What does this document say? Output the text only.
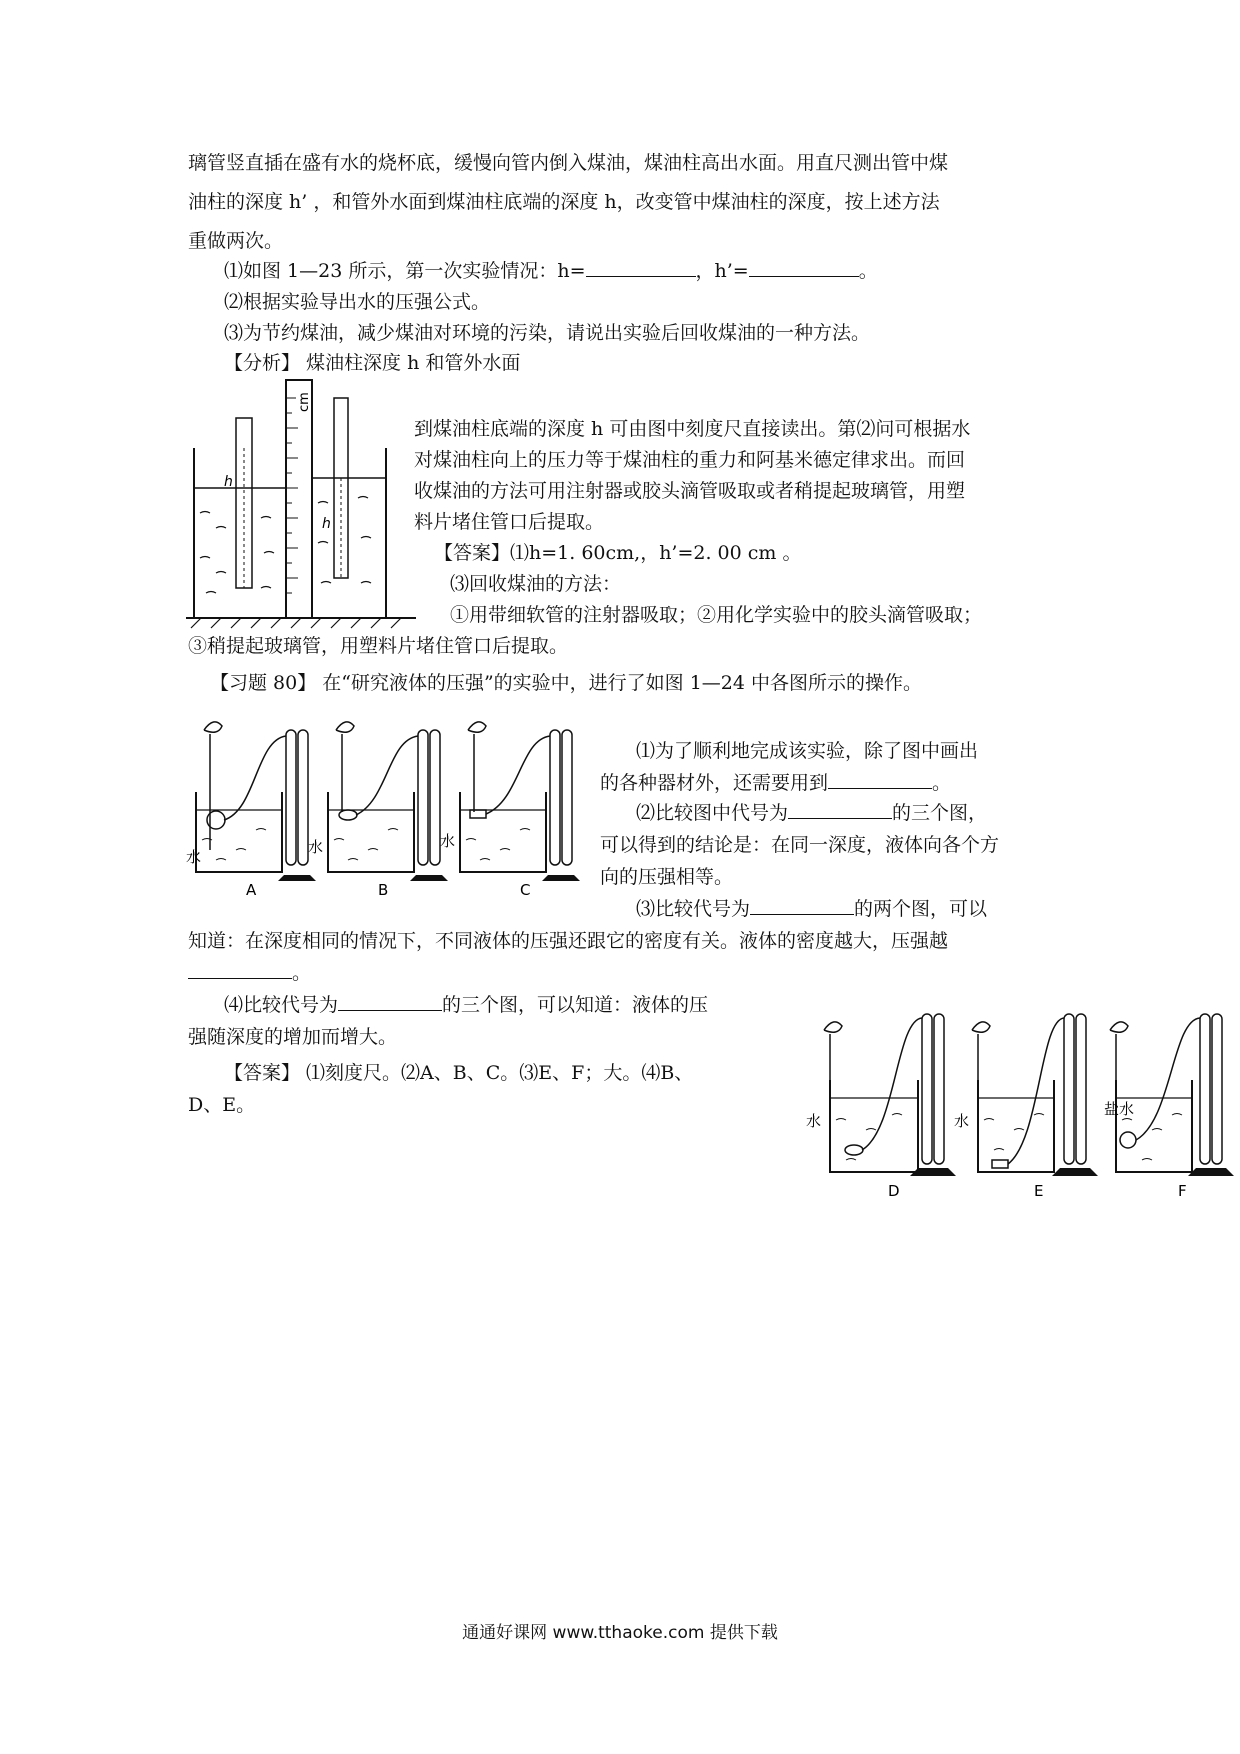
璃管竖直插在盛有水的烧杯底，缓慢向管内倒入煤油，煤油柱高出水面。用直尺测出管中煤
油柱的深度 h’ ，和管外水面到煤油柱底端的深度 h，改变管中煤油柱的深度，按上述方法
重做两次。
⑴如图 1—23 所示，第一次实验情况：h=	，h’=	。
⑵根据实验导出水的压强公式。
⑶为节约煤油，减少煤油对环境的污染，请说出实验后回收煤油的一种方法。
【分析】 煤油柱深度 h 和管外水面
h
cm
h
到煤油柱底端的深度 h 可由图中刻度尺直接读出。第⑵问可根据水
对煤油柱向上的压力等于煤油柱的重力和阿基米德定律求出。而回
收煤油的方法可用注射器或胶头滴管吸取或者稍提起玻璃管，用塑
料片堵住管口后提取。
【答案】⑴h=1. 60cm,，h’=2. 00 cm 。
⑶回收煤油的方法：
①用带细软管的注射器吸取；②用化学实验中的胶头滴管吸取；
③稍提起玻璃管，用塑料片堵住管口后提取。
【习题 80】 在“研究液体的压强”的实验中，进行了如图 1—24 中各图所示的操作。
水
A
水
B
水
C
⑴为了顺利地完成该实验，除了图中画出
的各种器材外，还需要用到	。
⑵比较图中代号为	的三个图，
可以得到的结论是：在同一深度，液体向各个方
向的压强相等。
⑶比较代号为	的两个图，可以
知道：在深度相同的情况下，不同液体的压强还跟它的密度有关。液体的密度越大，压强越
。
⑷比较代号为	的三个图，可以知道：液体的压
强随深度的增加而增大。
【答案】 ⑴刻度尺。⑵A、B、C。⑶E、F；大。⑷B、
D、E。
水
D
水
E
盐水
F
通通好课网 www.tthaoke.com 提供下载
